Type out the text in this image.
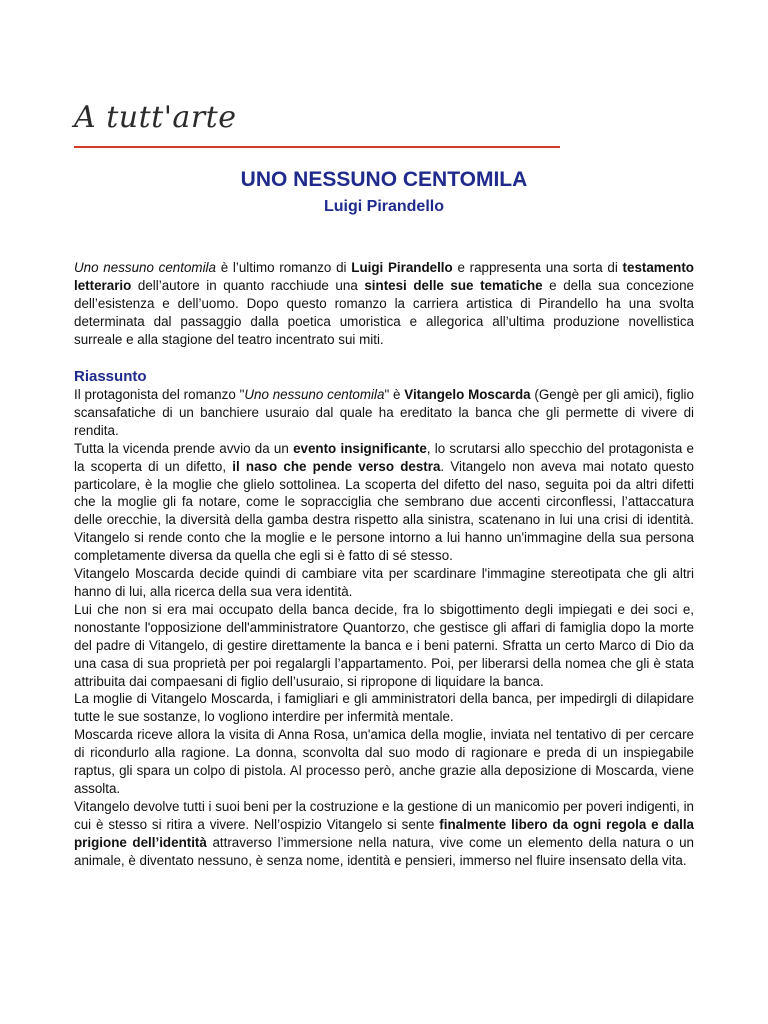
A tutt'arte
UNO NESSUNO CENTOMILA
Luigi Pirandello
Uno nessuno centomila è l’ultimo romanzo di Luigi Pirandello e rappresenta una sorta di testamento letterario dell’autore in quanto racchiude una sintesi delle sue tematiche e della sua concezione dell’esistenza e dell’uomo. Dopo questo romanzo la carriera artistica di Pirandello ha una svolta determinata dal passaggio dalla poetica umoristica e allegorica all’ultima produzione novellistica surreale e alla stagione del teatro incentrato sui miti.
Riassunto

Il protagonista del romanzo "Uno nessuno centomila" è Vitangelo Moscarda (Gengè per gli amici), figlio scansafatiche di un banchiere usuraio dal quale ha ereditato la banca che gli permette di vivere di rendita.

Tutta la vicenda prende avvio da un evento insignificante, lo scrutarsi allo specchio del protagonista e la scoperta di un difetto, il naso che pende verso destra. Vitangelo non aveva mai notato questo particolare, è la moglie che glielo sottolinea. La scoperta del difetto del naso, seguita poi da altri difetti che la moglie gli fa notare, come le sopracciglia che sembrano due accenti circonflessi, l’attaccatura delle orecchie, la diversità della gamba destra rispetto alla sinistra, scatenano in lui una crisi di identità. Vitangelo si rende conto che la moglie e le persone intorno a lui hanno un'immagine della sua persona completamente diversa da quella che egli si è fatto di sé stesso.

Vitangelo Moscarda decide quindi di cambiare vita per scardinare l'immagine stereotipata che gli altri hanno di lui, alla ricerca della sua vera identità.

Lui che non si era mai occupato della banca decide, fra lo sbigottimento degli impiegati e dei soci e, nonostante l'opposizione dell'amministratore Quantorzo, che gestisce gli affari di famiglia dopo la morte del padre di Vitangelo, di gestire direttamente la banca e i beni paterni. Sfratta un certo Marco di Dio da una casa di sua proprietà per poi regalargli l’appartamento. Poi, per liberarsi della nomea che gli è stata attribuita dai compaesani di figlio dell’usuraio, si ripropone di liquidare la banca.

La moglie di Vitangelo Moscarda, i famigliari e gli amministratori della banca, per impedirgli di dilapidare tutte le sue sostanze, lo vogliono interdire per infermità mentale.

Moscarda riceve allora la visita di Anna Rosa, un'amica della moglie, inviata nel tentativo di per cercare di ricondurlo alla ragione. La donna, sconvolta dal suo modo di ragionare e preda di un inspiegabile raptus, gli spara un colpo di pistola. Al processo però, anche grazie alla deposizione di Moscarda, viene assolta.

Vitangelo devolve tutti i suoi beni per la costruzione e la gestione di un manicomio per poveri indigenti, in cui è stesso si ritira a vivere. Nell’ospizio Vitangelo si sente finalmente libero da ogni regola e dalla prigione dell’identità attraverso l’immersione nella natura, vive come un elemento della natura o un animale, è diventato nessuno, è senza nome, identità e pensieri, immerso nel fluire insensato della vita.
